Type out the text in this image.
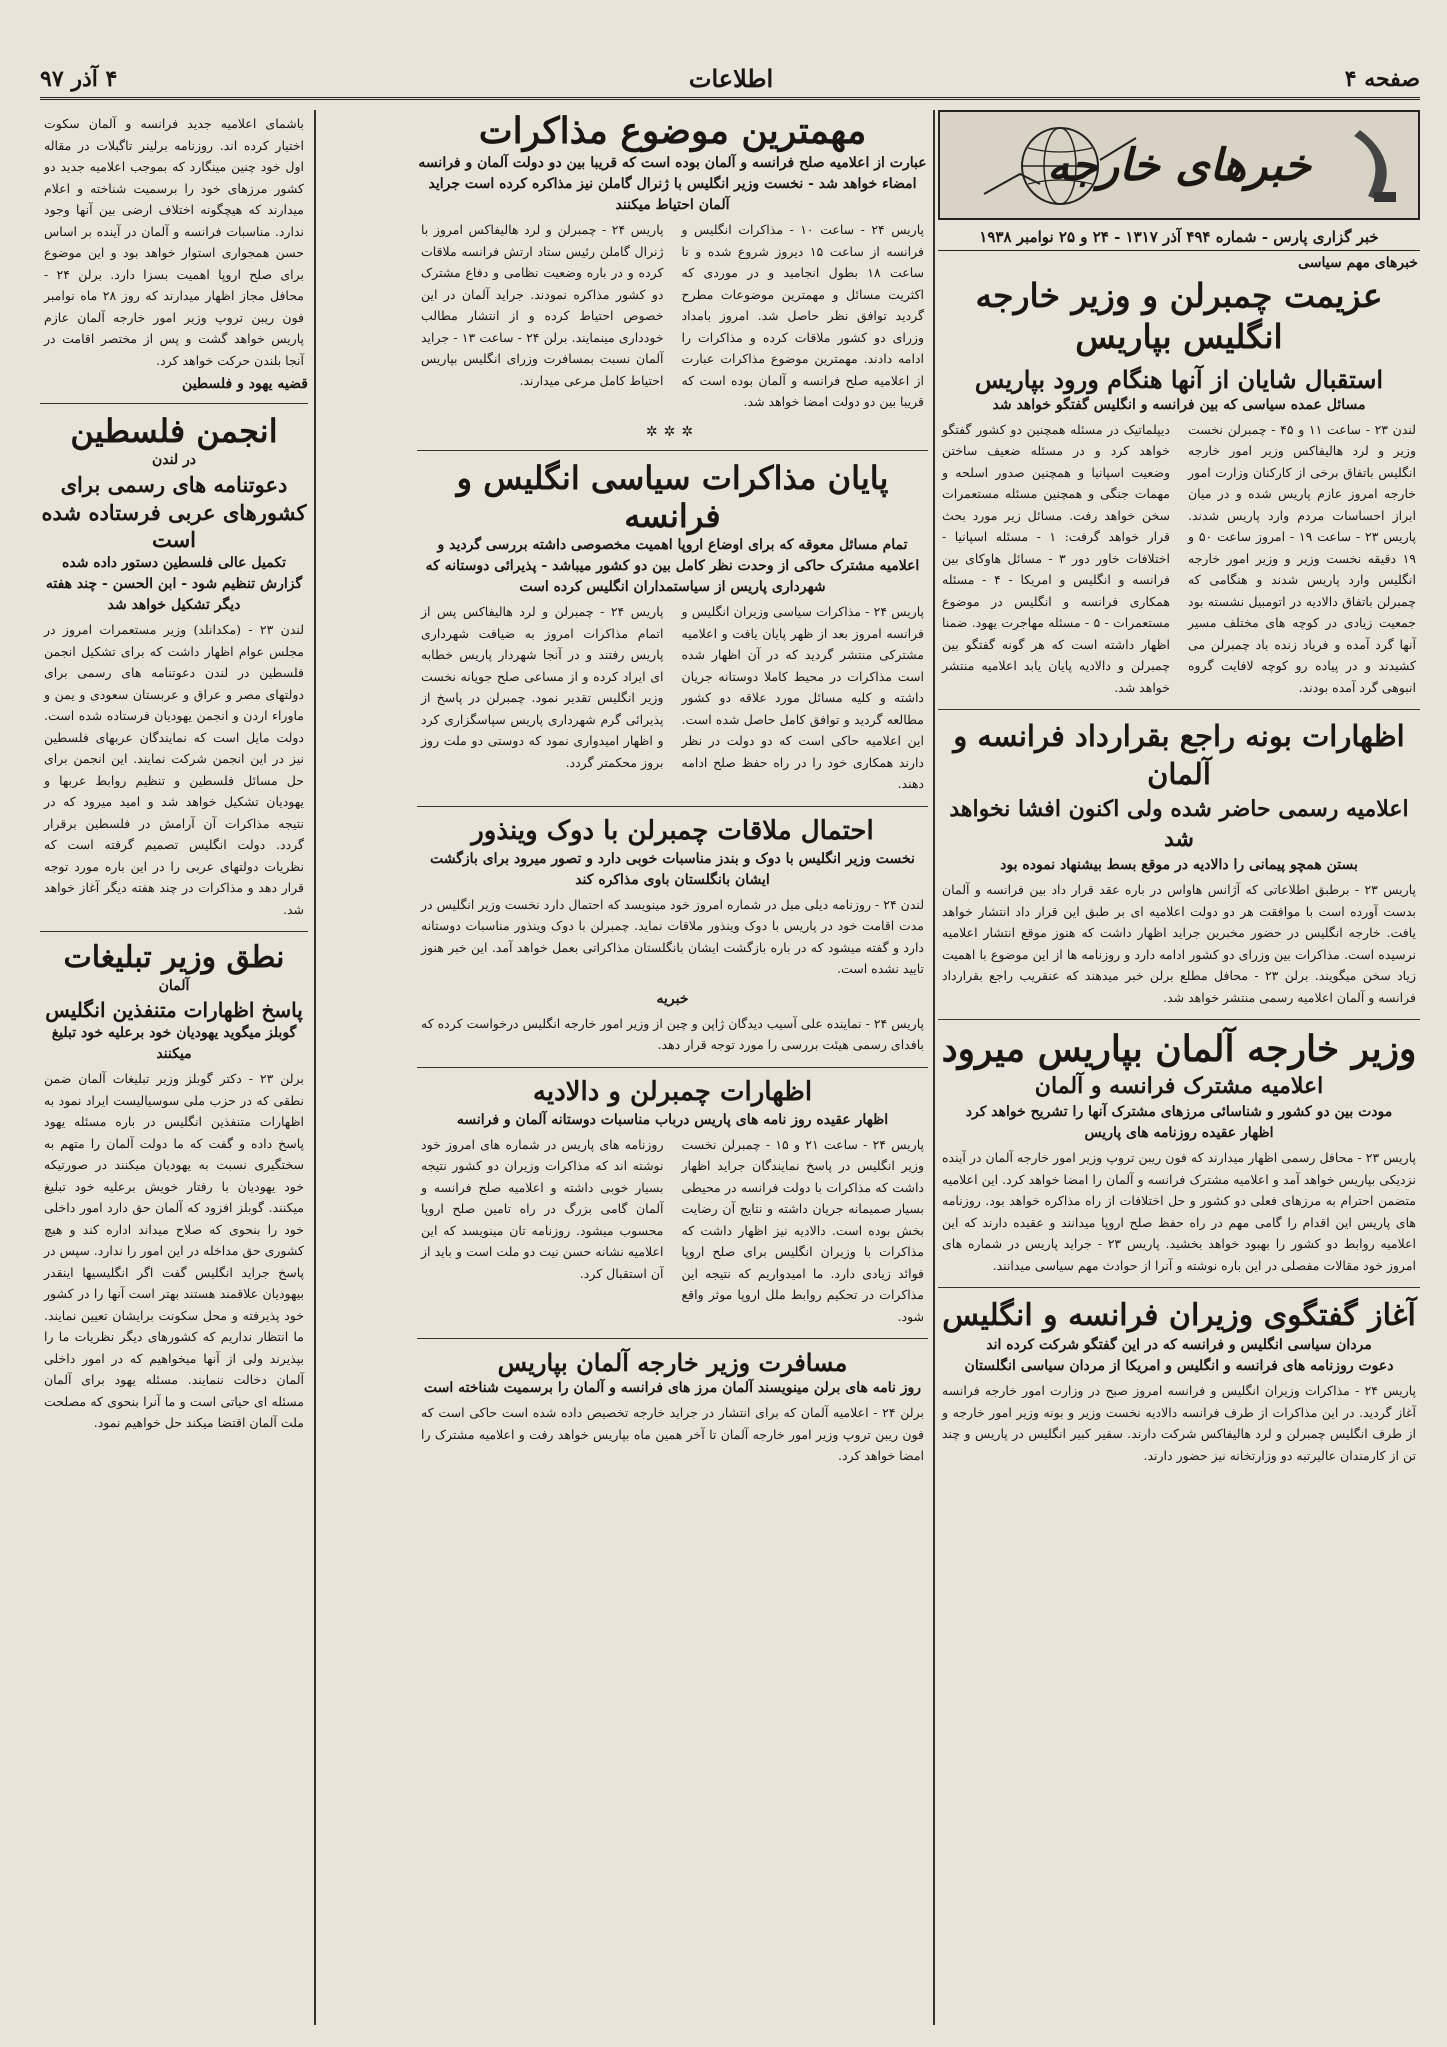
صفحه ۴
اطلاعات
۴ آذر ۹۷
خبرهای خارجه
خبر گزاری پارس - شماره ۴۹۴ آذر ۱۳۱۷ - ۲۴ و ۲۵ نوامبر ۱۹۳۸
خبرهای مهم سیاسی
عزیمت چمبرلن و وزیر خارجه انگلیس بپاریس
استقبال شایان از آنها هنگام ورود بپاریس
مسائل عمده سیاسی که بین فرانسه و انگلیس گفتگو خواهد شد
لندن ۲۳ - ساعت ۱۱ و ۴۵ - چمبرلن نخست وزیر و لرد هالیفاکس وزیر امور خارجه انگلیس باتفاق برخی از کارکنان وزارت امور خارجه امروز عازم پاریس شده و در میان ابراز احساسات مردم وارد پاریس شدند. پاریس ۲۳ - ساعت ۱۹ - امروز ساعت ۵۰ و ۱۹ دقیقه نخست وزیر و وزیر امور خارجه انگلیس وارد پاریس شدند و هنگامی که چمبرلن باتفاق دالادیه در اتومبیل نشسته بود جمعیت زیادی در کوچه های مختلف مسیر آنها گرد آمده و فریاد زنده باد چمبرلن می کشیدند و در پیاده رو کوچه لافایت گروه انبوهی گرد آمده بودند.
دیپلماتیک در مسئله همچنین دو کشور گفتگو خواهد کرد و در مسئله ضعیف ساختن وضعیت اسپانیا و همچنین صدور اسلحه و مهمات جنگی و همچنین مسئله مستعمرات سخن خواهد رفت. مسائل زیر مورد بحث قرار خواهد گرفت: ۱ - مسئله اسپانیا - اختلافات خاور دور ۳ - مسائل هاوکای بین فرانسه و انگلیس و امریکا - ۴ - مسئله همکاری فرانسه و انگلیس در موضوع مستعمرات - ۵ - مسئله مهاجرت یهود. ضمنا اظهار داشته است که هر گونه گفتگو بین چمبرلن و دالادیه پایان یابد اعلامیه منتشر خواهد شد.
اظهارات بونه راجع بقرارداد فرانسه و آلمان
اعلامیه رسمی حاضر شده ولی اکنون افشا نخواهد شد
بستن همچو پیمانی را دالادیه در موقع بسط بیشنهاد نموده بود
پاریس ۲۳ - برطبق اطلاعاتی که آژانس هاواس در باره عقد قرار داد بین فرانسه و آلمان بدست آورده است با موافقت هر دو دولت اعلامیه ای بر طبق این قرار داد انتشار خواهد یافت. خارجه انگلیس در حضور مخبرین جراید اظهار داشت که هنوز موقع انتشار اعلامیه نرسیده است. مذاکرات بین وزرای دو کشور ادامه دارد و روزنامه ها از این موضوع با اهمیت زیاد سخن میگویند. برلن ۲۳ - محافل مطلع برلن خبر میدهند که عنقریب راجع بقرارداد فرانسه و آلمان اعلامیه رسمی منتشر خواهد شد.
وزیر خارجه آلمان بپاریس میرود
اعلامیه مشترک فرانسه و آلمان
مودت بین دو کشور و شناسائی مرزهای مشترک آنها را تشریح خواهد کرد
اظهار عقیده روزنامه های پاریس
پاریس ۲۳ - محافل رسمی اظهار میدارند که فون ریبن تروپ وزیر امور خارجه آلمان در آینده نزدیکی بپاریس خواهد آمد و اعلامیه مشترک فرانسه و آلمان را امضا خواهد کرد. این اعلامیه متضمن احترام به مرزهای فعلی دو کشور و حل اختلافات از راه مذاکره خواهد بود. روزنامه های پاریس این اقدام را گامی مهم در راه حفظ صلح اروپا میدانند و عقیده دارند که این اعلامیه روابط دو کشور را بهبود خواهد بخشید. پاریس ۲۳ - جراید پاریس در شماره های امروز خود مقالات مفصلی در این باره نوشته و آنرا از حوادث مهم سیاسی میدانند.
آغاز گفتگوی وزیران فرانسه و انگلیس
مردان سیاسی انگلیس و فرانسه که در این گفتگو شرکت کرده اند
دعوت روزنامه های فرانسه و انگلیس و امریکا از مردان سیاسی انگلستان
پاریس ۲۴ - مذاکرات وزیران انگلیس و فرانسه امروز صبح در وزارت امور خارجه فرانسه آغاز گردید. در این مذاکرات از طرف فرانسه دالادیه نخست وزیر و بونه وزیر امور خارجه و از طرف انگلیس چمبرلن و لرد هالیفاکس شرکت دارند. سفیر کبیر انگلیس در پاریس و چند تن از کارمندان عالیرتبه دو وزارتخانه نیز حضور دارند.
مهمترین موضوع مذاکرات
عبارت از اعلامیه صلح فرانسه و آلمان بوده است که قریبا بین دو دولت آلمان و فرانسه امضاء خواهد شد - نخست وزیر انگلیس با ژنرال گاملن نیز مذاکره کرده است جراید آلمان احتیاط میکنند
پاریس ۲۴ - ساعت ۱۰ - مذاکرات انگلیس و فرانسه از ساعت ۱۵ دیروز شروع شده و تا ساعت ۱۸ بطول انجامید و در موردی که اکثریت مسائل و مهمترین موضوعات مطرح گردید توافق نظر حاصل شد. امروز بامداد وزرای دو کشور ملاقات کرده و مذاکرات را ادامه دادند. مهمترین موضوع مذاکرات عبارت از اعلامیه صلح فرانسه و آلمان بوده است که قریبا بین دو دولت امضا خواهد شد.
پاریس ۲۴ - چمبرلن و لرد هالیفاکس امروز با ژنرال گاملن رئیس ستاد ارتش فرانسه ملاقات کرده و در باره وضعیت نظامی و دفاع مشترک دو کشور مذاکره نمودند. جراید آلمان در این خصوص احتیاط کرده و از انتشار مطالب خودداری مینمایند. برلن ۲۴ - ساعت ۱۳ - جراید آلمان نسبت بمسافرت وزرای انگلیس بپاریس احتیاط کامل مرعی میدارند.
✲✲✲
پایان مذاکرات سیاسی انگلیس و فرانسه
تمام مسائل معوقه که برای اوضاع اروپا اهمیت مخصوصی داشته بررسی گردید و اعلامیه مشترک حاکی از وحدت نظر کامل بین دو کشور میباشد - پذیرائی دوستانه که شهرداری پاریس از سیاستمداران انگلیس کرده است
پاریس ۲۴ - مذاکرات سیاسی وزیران انگلیس و فرانسه امروز بعد از ظهر پایان یافت و اعلامیه مشترکی منتشر گردید که در آن اظهار شده است مذاکرات در محیط کاملا دوستانه جریان داشته و کلیه مسائل مورد علاقه دو کشور مطالعه گردید و توافق کامل حاصل شده است. این اعلامیه حاکی است که دو دولت در نظر دارند همکاری خود را در راه حفظ صلح ادامه دهند.
پاریس ۲۴ - چمبرلن و لرد هالیفاکس پس از اتمام مذاکرات امروز به ضیافت شهرداری پاریس رفتند و در آنجا شهردار پاریس خطابه ای ایراد کرده و از مساعی صلح جویانه نخست وزیر انگلیس تقدیر نمود. چمبرلن در پاسخ از پذیرائی گرم شهرداری پاریس سپاسگزاری کرد و اظهار امیدواری نمود که دوستی دو ملت روز بروز محکمتر گردد.
احتمال ملاقات چمبرلن با دوک وینذور
نخست وزیر انگلیس با دوک و بندز مناسبات خوبی دارد و تصور میرود برای بازگشت ایشان بانگلستان باوی مذاکره کند
لندن ۲۴ - روزنامه دیلی میل در شماره امروز خود مینویسد که احتمال دارد نخست وزیر انگلیس در مدت اقامت خود در پاریس با دوک وینذور ملاقات نماید. چمبرلن با دوک وینذور مناسبات دوستانه دارد و گفته میشود که در باره بازگشت ایشان بانگلستان مذاکراتی بعمل خواهد آمد. این خبر هنوز تایید نشده است.
خبریه
پاریس ۲۴ - نماینده علی آسیب دیدگان ژاپن و چین از وزیر امور خارجه انگلیس درخواست کرده که بافدای رسمی هیئت بررسی را مورد توجه قرار دهد.
اظهارات چمبرلن و دالادیه
اظهار عقیده روز نامه های پاریس درباب مناسبات دوستانه آلمان و فرانسه
پاریس ۲۴ - ساعت ۲۱ و ۱۵ - چمبرلن نخست وزیر انگلیس در پاسخ نمایندگان جراید اظهار داشت که مذاکرات با دولت فرانسه در محیطی بسیار صمیمانه جریان داشته و نتایج آن رضایت بخش بوده است. دالادیه نیز اظهار داشت که مذاکرات با وزیران انگلیس برای صلح اروپا فوائد زیادی دارد. ما امیدواریم که نتیجه این مذاکرات در تحکیم روابط ملل اروپا موثر واقع شود.
روزنامه های پاریس در شماره های امروز خود نوشته اند که مذاکرات وزیران دو کشور نتیجه بسیار خوبی داشته و اعلامیه صلح فرانسه و آلمان گامی بزرگ در راه تامین صلح اروپا محسوب میشود. روزنامه تان مینویسد که این اعلامیه نشانه حسن نیت دو ملت است و باید از آن استقبال کرد.
مسافرت وزیر خارجه آلمان بپاریس
روز نامه های برلن مینویسند آلمان مرز های فرانسه و آلمان را برسمیت شناخته است
برلن ۲۴ - اعلامیه آلمان که برای انتشار در جراید خارجه تخصیص داده شده است حاکی است که فون ریبن تروپ وزیر امور خارجه آلمان تا آخر همین ماه بپاریس خواهد رفت و اعلامیه مشترک را امضا خواهد کرد.
باشمای اعلامیه جدید فرانسه و آلمان سکوت اختیار کرده اند. روزنامه برلینر تاگبلات در مقاله اول خود چنین مینگارد که بموجب اعلامیه جدید دو کشور مرزهای خود را برسمیت شناخته و اعلام میدارند که هیچگونه اختلاف ارضی بین آنها وجود ندارد. مناسبات فرانسه و آلمان در آینده بر اساس حسن همجواری استوار خواهد بود و این موضوع برای صلح اروپا اهمیت بسزا دارد. برلن ۲۴ - محافل مجاز اظهار میدارند که روز ۲۸ ماه نوامبر فون ریبن تروپ وزیر امور خارجه آلمان عازم پاریس خواهد گشت و پس از مختصر اقامت در آنجا بلندن حرکت خواهد کرد.
قضیه یهود و فلسطین
انجمن فلسطین
در لندن
دعوتنامه های رسمی برای کشورهای عربی فرستاده شده است
تکمیل عالی فلسطین دستور داده شده گزارش تنظیم شود - ابن الحسن - چند هفته دیگر تشکیل خواهد شد
لندن ۲۳ - (مکدانلد) وزیر مستعمرات امروز در مجلس عوام اظهار داشت که برای تشکیل انجمن فلسطین در لندن دعوتنامه های رسمی برای دولتهای مصر و عراق و عربستان سعودی و یمن و ماوراء اردن و انجمن یهودیان فرستاده شده است. دولت مایل است که نمایندگان عربهای فلسطین نیز در این انجمن شرکت نمایند. این انجمن برای حل مسائل فلسطین و تنظیم روابط عربها و یهودیان تشکیل خواهد شد و امید میرود که در نتیجه مذاکرات آن آرامش در فلسطین برقرار گردد. دولت انگلیس تصمیم گرفته است که نظریات دولتهای عربی را در این باره مورد توجه قرار دهد و مذاکرات در چند هفته دیگر آغاز خواهد شد.
نطق وزیر تبلیغات
آلمان
پاسخ اظهارات متنفذین انگلیس
گوبلز میگوید یهودیان خود برعلیه خود تبلیغ میکنند
برلن ۲۳ - دکتر گوبلز وزیر تبلیغات آلمان ضمن نطقی که در حزب ملی سوسیالیست ایراد نمود به اظهارات متنفذین انگلیس در باره مسئله یهود پاسخ داده و گفت که ما دولت آلمان را متهم به سختگیری نسبت به یهودیان میکنند در صورتیکه خود یهودیان با رفتار خویش برعلیه خود تبلیغ میکنند. گوبلز افزود که آلمان حق دارد امور داخلی خود را بنحوی که صلاح میداند اداره کند و هیچ کشوری حق مداخله در این امور را ندارد. سپس در پاسخ جراید انگلیس گفت اگر انگلیسیها اینقدر بیهودیان علاقمند هستند بهتر است آنها را در کشور خود پذیرفته و محل سکونت برایشان تعیین نمایند. ما انتظار نداریم که کشورهای دیگر نظریات ما را بپذیرند ولی از آنها میخواهیم که در امور داخلی آلمان دخالت ننمایند. مسئله یهود برای آلمان مسئله ای حیاتی است و ما آنرا بنحوی که مصلحت ملت آلمان اقتضا میکند حل خواهیم نمود.
